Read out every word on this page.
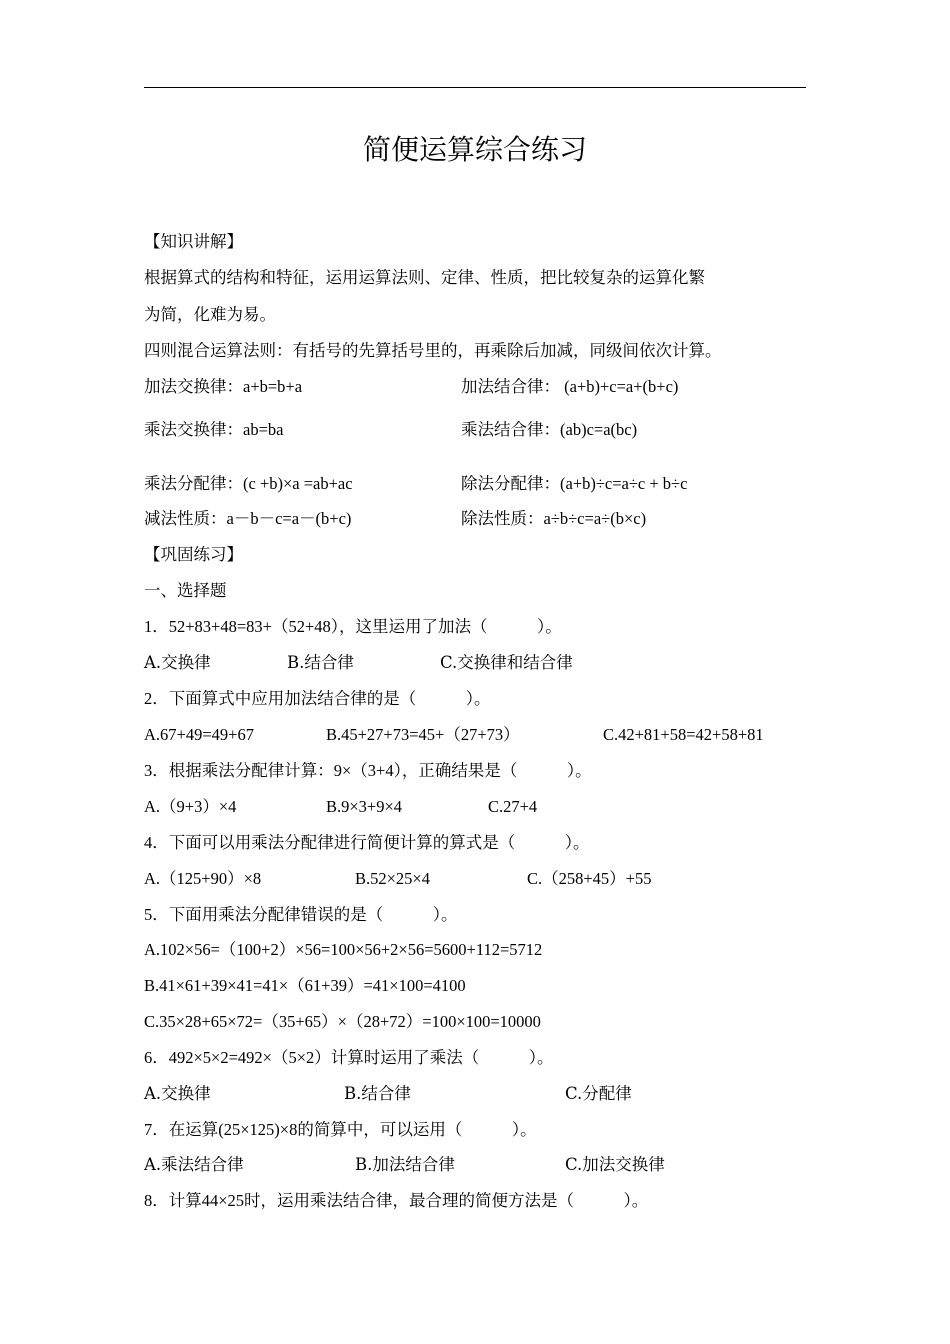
简便运算综合练习
【知识讲解】
根据算式的结构和特征，运用运算法则、定律、性质，把比较复杂的运算化繁
为简，化难为易。
四则混合运算法则：有括号的先算括号里的，再乘除后加减，同级间依次计算。
加法交换律：a+b=b+a	加法结合律： (a+b)+c=a+(b+c)
乘法交换律：ab=ba	乘法结合律：(ab)c=a(bc)
乘法分配律：(c +b)×a =ab+ac	除法分配律：(a+b)÷c=a÷c + b÷c
减法性质：a－b－c=a－(b+c)	除法性质：a÷b÷c=a÷(b×c)
【巩固练习】
一、选择题
1．52+83+48=83+（52+48），这里运用了加法（　　　）。
A.交换律	B.结合律	C.交换律和结合律
2．下面算式中应用加法结合律的是（　　　）。
A.67+49=49+67	B.45+27+73=45+（27+73）	C.42+81+58=42+58+81
3．根据乘法分配律计算：9×（3+4），正确结果是（　　　）。
A.（9+3）×4	B.9×3+9×4	C.27+4
4．下面可以用乘法分配律进行简便计算的算式是（　　　）。
A.（125+90）×8	B.52×25×4	C.（258+45）+55
5．下面用乘法分配律错误的是（　　　）。
A.102×56=（100+2）×56=100×56+2×56=5600+112=5712
B.41×61+39×41=41×（61+39）=41×100=4100
C.35×28+65×72=（35+65）×（28+72）=100×100=10000
6．492×5×2=492×（5×2）计算时运用了乘法（　　　）。
A.交换律	B.结合律	C.分配律
7．在运算(25×125)×8的简算中，可以运用（　　　）。
A.乘法结合律	B.加法结合律	C.加法交换律
8．计算44×25时，运用乘法结合律，最合理的简便方法是（　　　）。
